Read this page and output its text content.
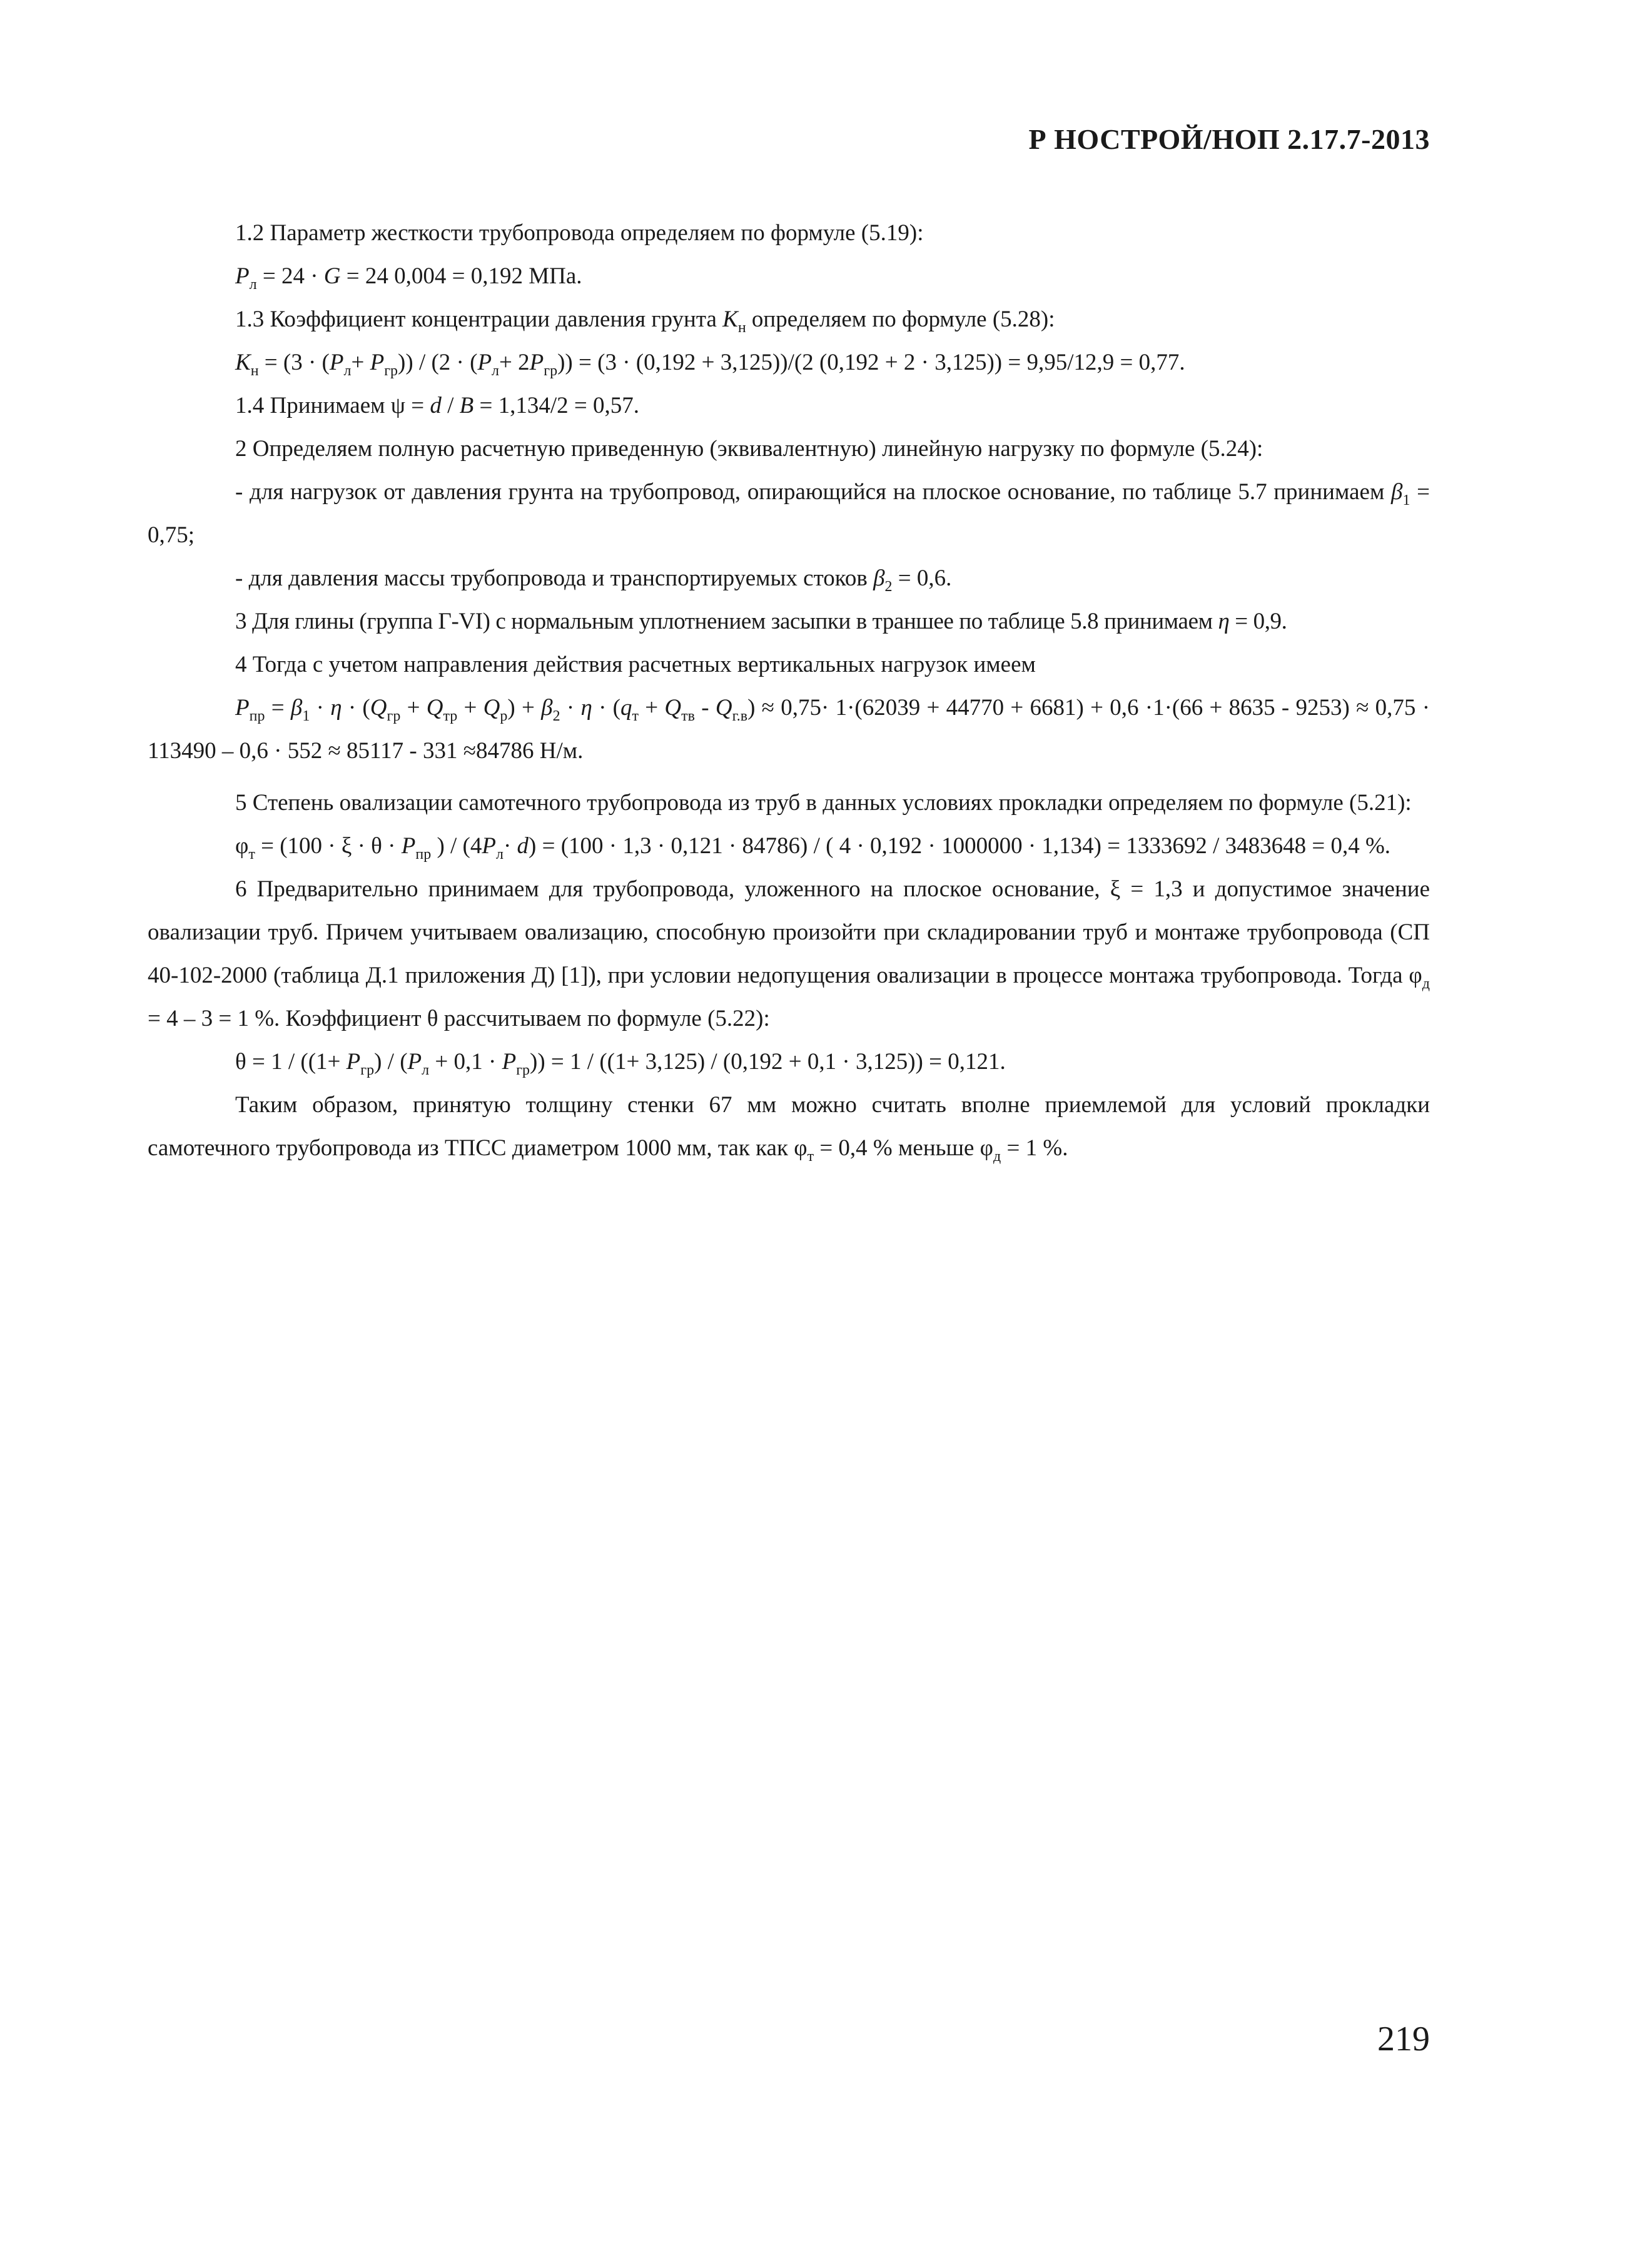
Р НОСТРОЙ/НОП 2.17.7-2013

1.2 Параметр жесткости трубопровода определяем по формуле (5.19):

$P_л = 24 \cdot G = 24$ 0,004 = 0,192 МПа.

1.3 Коэффициент концентрации давления грунта $K_н$ определяем по формуле (5.28):

$K_н = (3 \cdot (P_л+ P_{гр})) / (2 \cdot (P_л+ 2P_{гр})) = (3 \cdot (0,192 + 3,125))/(2$ (0,192 + 2 · 3,125)) = 9,95/12,9 = 0,77.

1.4 Принимаем ψ = d / B = 1,134/2 = 0,57.

2 Определяем полную расчетную приведенную (эквивалентную) линейную нагрузку по формуле (5.24):

- для нагрузок от давления грунта на трубопровод, опирающийся на плоское основание, по таблице 5.7 принимаем $\beta_1 = 0,75$;

- для давления массы трубопровода и транспортируемых стоков $\beta_2 = 0,6$.

3 Для глины (группа Г-VI) с нормальным уплотнением засыпки в траншее по таблице 5.8 принимаем η = 0,9.

4 Тогда с учетом направления действия расчетных вертикальных нагрузок имеем

$P_{пр} = \beta_1 \cdot \eta \cdot (Q_{гр} + Q_{тр} + Q_р) + \beta_2 \cdot \eta \cdot (q_т + Q_{тв} - Q_{г.в}) \approx 0,75\cdot 1\cdot(62039 + 44770 + 6681) + 0,6 \cdot 1\cdot(66 + 8635 - 9253) \approx 0,75 \cdot 113490 - 0,6 \cdot 552 \approx 85117 - 331 \approx 84786$ Н/м.

5 Степень овализации самотечного трубопровода из труб в данных условиях прокладки определяем по формуле (5.21):

$\varphi_т = (100 \cdot \xi \cdot \theta \cdot P_{пр}$ ) / $(4P_л\cdot d) = (100 \cdot 1,3 \cdot 0,121 \cdot 84786)$ / ( 4 · 0,192 · 1000000 · 1,134) = 1333692 / 3483648 = 0,4 %.

6 Предварительно принимаем для трубопровода, уложенного на плоское основание, ξ = 1,3 и допустимое значение овализации труб. Причем учитываем овализацию, способную произойти при складировании труб и монтаже трубопровода (СП 40-102-2000 (таблица Д.1 приложения Д) [1]), при условии недопущения овализации в процессе монтажа трубопровода. Тогда $\varphi_д = 4 - 3 = 1$ %. Коэффициент θ рассчитываем по формуле (5.22):

$\theta = 1 / ((1+ P_{гр}) / (P_л + 0,1 \cdot P_{гр})) = 1 / ((1+ 3,125) / (0,192 + 0,1 \cdot 3,125)) = 0,121$.

Таким образом, принятую толщину стенки 67 мм можно считать вполне приемлемой для условий прокладки самотечного трубопровода из ТПСС диаметром 1000 мм, так как $\varphi_т = 0,4$ % меньше $\varphi_д = 1$ %.

219
